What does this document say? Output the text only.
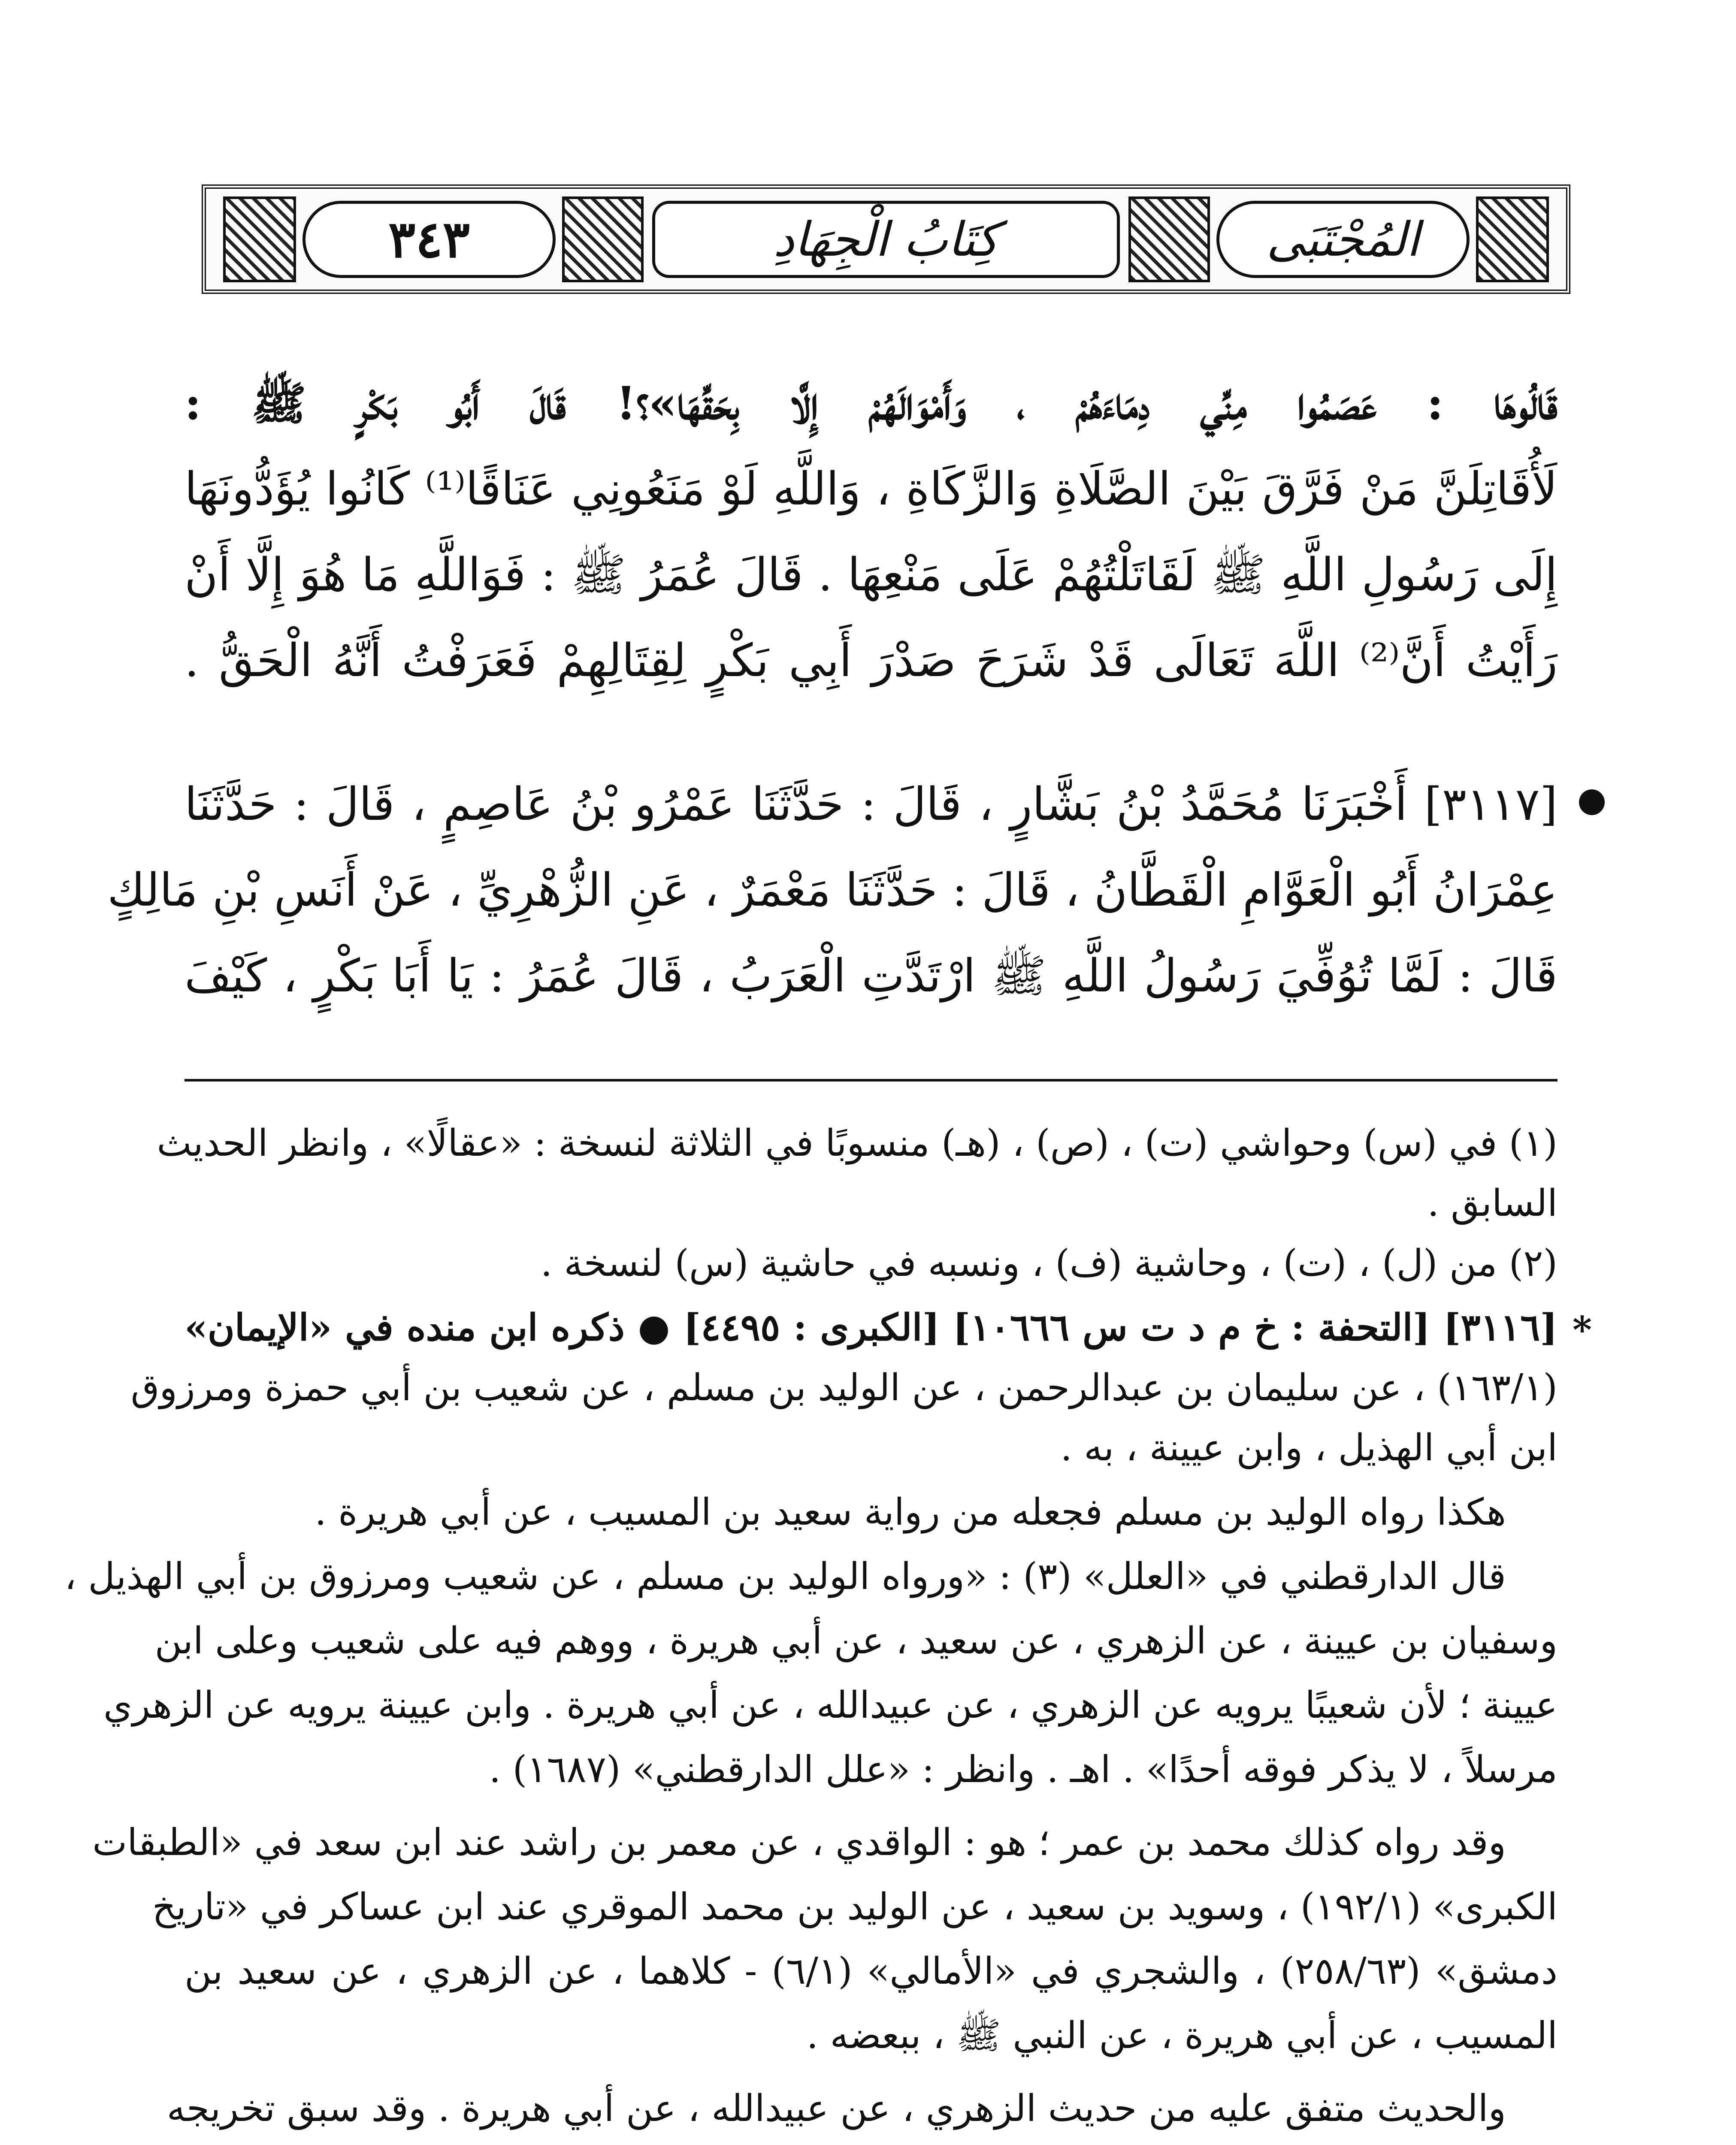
٣٤٣	كِتَابُ الْجِهَادِ	المُجْتَبَى
قَالُوهَا : عَصَمُوا مِنِّي دِمَاءَهُمْ ، وَأَمْوَالَهُمْ إِلَّا بِحَقِّهَا»؟! قَالَ أَبُو بَكْرٍ ﷺ :
لَأُقَاتِلَنَّ مَنْ فَرَّقَ بَيْنَ الصَّلَاةِ وَالزَّكَاةِ ، وَاللَّهِ لَوْ مَنَعُونِي عَنَاقًا⁽¹⁾ كَانُوا يُؤَدُّونَهَا
إِلَى رَسُولِ اللَّهِ ﷺ لَقَاتَلْتُهُمْ عَلَى مَنْعِهَا . قَالَ عُمَرُ ﷺ : فَوَاللَّهِ مَا هُوَ إِلَّا أَنْ
رَأَيْتُ أَنَّ⁽²⁾ اللَّهَ تَعَالَى قَدْ شَرَحَ صَدْرَ أَبِي بَكْرٍ لِقِتَالِهِمْ فَعَرَفْتُ أَنَّهُ الْحَقُّ .
[٣١١٧] أَخْبَرَنَا مُحَمَّدُ بْنُ بَشَّارٍ ، قَالَ : حَدَّثَنَا عَمْرُو بْنُ عَاصِمٍ ، قَالَ : حَدَّثَنَا
عِمْرَانُ أَبُو الْعَوَّامِ الْقَطَّانُ ، قَالَ : حَدَّثَنَا مَعْمَرٌ ، عَنِ الزُّهْرِيِّ ، عَنْ أَنَسِ بْنِ مَالِكٍ
قَالَ : لَمَّا تُوُفِّيَ رَسُولُ اللَّهِ ﷺ ارْتَدَّتِ الْعَرَبُ ، قَالَ عُمَرُ : يَا أَبَا بَكْرٍ ، كَيْفَ
(١) في (س) وحواشي (ت) ، (ص) ، (هـ) منسوبًا في الثلاثة لنسخة : «عقالًا» ، وانظر الحديث
السابق .
(٢) من (ل) ، (ت) ، وحاشية (ف) ، ونسبه في حاشية (س) لنسخة .
*
[٣١١٦] [التحفة : خ م د ت س ١٠٦٦٦] [الكبرى : ٤٤٩٥] ● ذكره ابن منده في «الإيمان»
(١٦٣/١) ، عن سليمان بن عبدالرحمن ، عن الوليد بن مسلم ، عن شعيب بن أبي حمزة ومرزوق
ابن أبي الهذيل ، وابن عيينة ، به .
هكذا رواه الوليد بن مسلم فجعله من رواية سعيد بن المسيب ، عن أبي هريرة .
قال الدارقطني في «العلل» (٣) : «ورواه الوليد بن مسلم ، عن شعيب ومرزوق بن أبي الهذيل ،
وسفيان بن عيينة ، عن الزهري ، عن سعيد ، عن أبي هريرة ، ووهم فيه على شعيب وعلى ابن
عيينة ؛ لأن شعيبًا يرويه عن الزهري ، عن عبيدالله ، عن أبي هريرة . وابن عيينة يرويه عن الزهري
مرسلاً ، لا يذكر فوقه أحدًا» . اهـ . وانظر : «علل الدارقطني» (١٦٨٧) .
وقد رواه كذلك محمد بن عمر ؛ هو : الواقدي ، عن معمر بن راشد عند ابن سعد في «الطبقات
الكبرى» (١٩٢/١) ، وسويد بن سعيد ، عن الوليد بن محمد الموقري عند ابن عساكر في «تاريخ
دمشق» (٢٥٨/٦٣) ، والشجري في «الأمالي» (٦/١) - كلاهما ، عن الزهري ، عن سعيد بن
المسيب ، عن أبي هريرة ، عن النبي ﷺ ، ببعضه .
والحديث متفق عليه من حديث الزهري ، عن عبيدالله ، عن أبي هريرة . وقد سبق تخريجه
